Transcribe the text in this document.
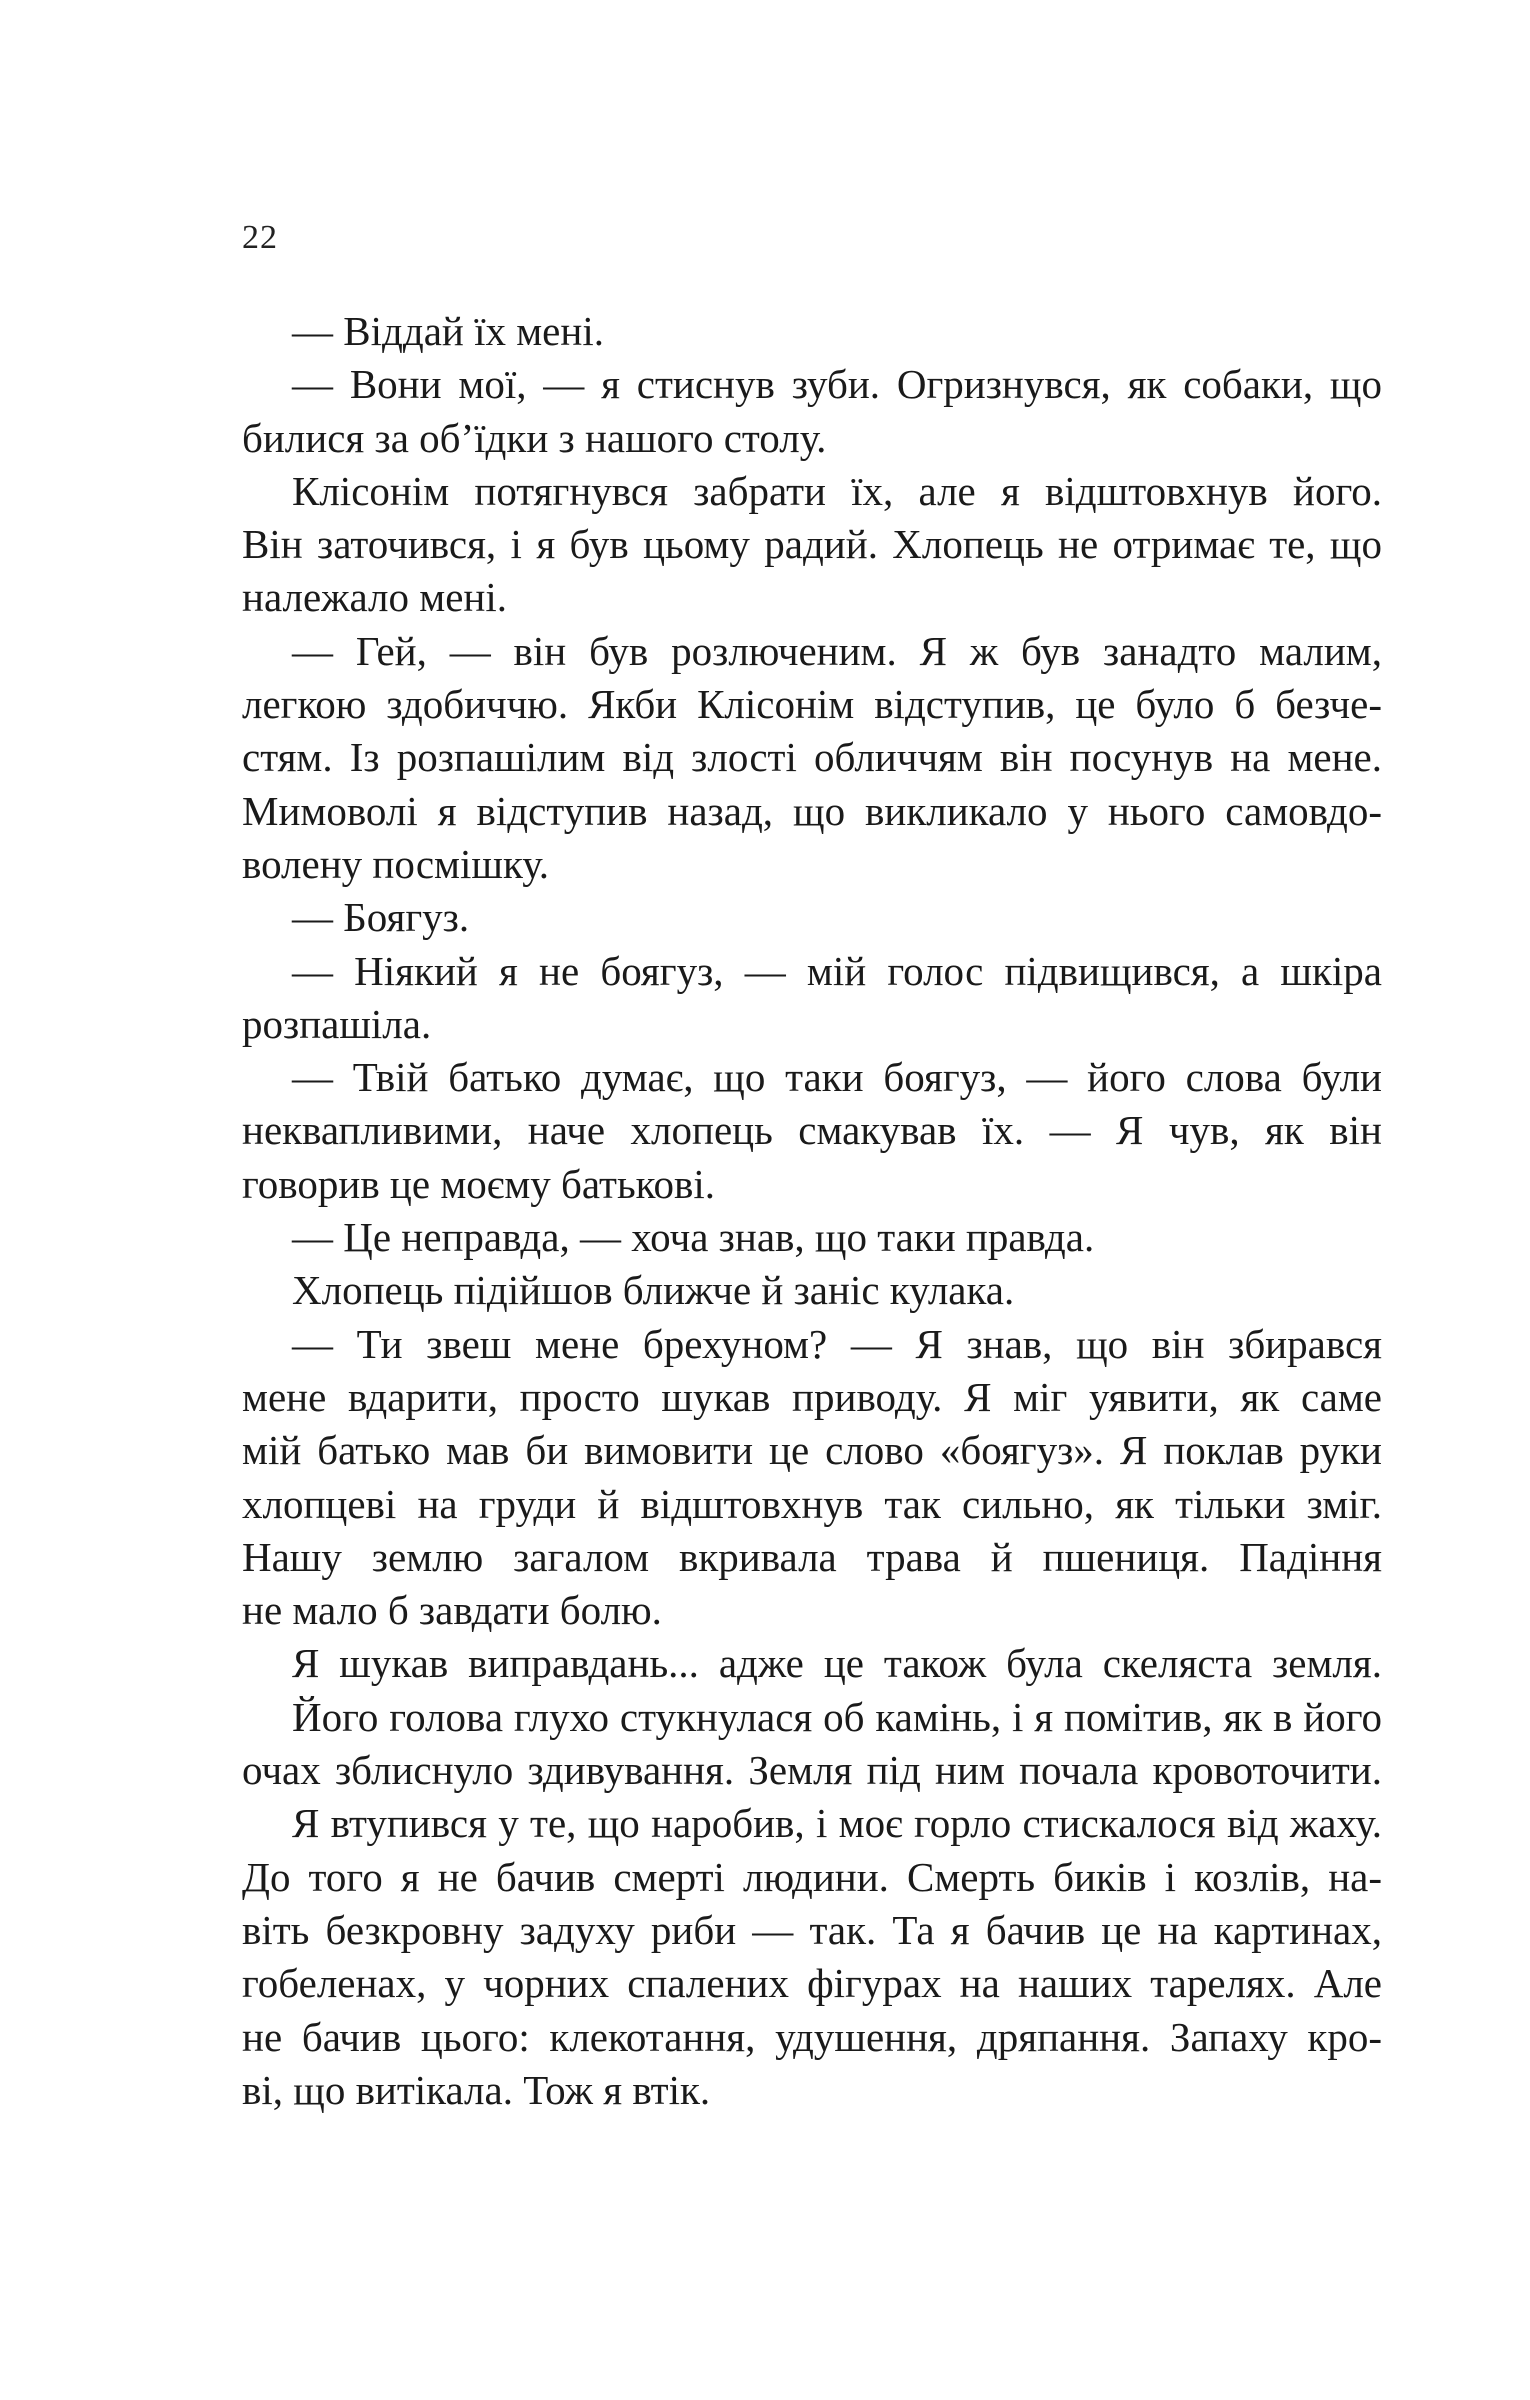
22
— Віддай їх мені.
— Вони мої, — я стиснув зуби. Огризнувся, як собаки, що
билися за об’їдки з нашого столу.
Клісонім потягнувся забрати їх, але я відштовхнув його.
Він заточився, і я був цьому радий. Хлопець не отримає те, що
належало мені.
— Гей, — він був розлюченим. Я ж був занадто малим,
легкою здобиччю. Якби Клісонім відступив, це було б безче-
стям. Із розпашілим від злості обличчям він посунув на мене.
Мимоволі я відступив назад, що викликало у нього самовдо-
волену посмішку.
— Боягуз.
— Ніякий я не боягуз, — мій голос підвищився, а шкіра
розпашіла.
— Твій батько думає, що таки боягуз, — його слова були
неквапливими, наче хлопець смакував їх. — Я чув, як він
говорив це моєму батькові.
— Це неправда, — хоча знав, що таки правда.
Хлопець підійшов ближче й заніс кулака.
— Ти звеш мене брехуном? — Я знав, що він збирався
мене вдарити, просто шукав приводу. Я міг уявити, як саме
мій батько мав би вимовити це слово «боягуз». Я поклав руки
хлопцеві на груди й відштовхнув так сильно, як тільки зміг.
Нашу землю загалом вкривала трава й пшениця. Падіння
не мало б завдати болю.
Я шукав виправдань... адже це також була скеляста земля.
Його голова глухо стукнулася об камінь, і я помітив, як в його
очах зблиснуло здивування. Земля під ним почала кровоточити.
Я втупився у те, що наробив, і моє горло стискалося від жаху.
До того я не бачив смерті людини. Смерть биків і козлів, на-
віть безкровну задуху риби — так. Та я бачив це на картинах,
гобеленах, у чорних спалених фігурах на наших тарелях. Але
не бачив цього: клекотання, удушення, дряпання. Запаху кро-
ві, що витікала. Тож я втік.
